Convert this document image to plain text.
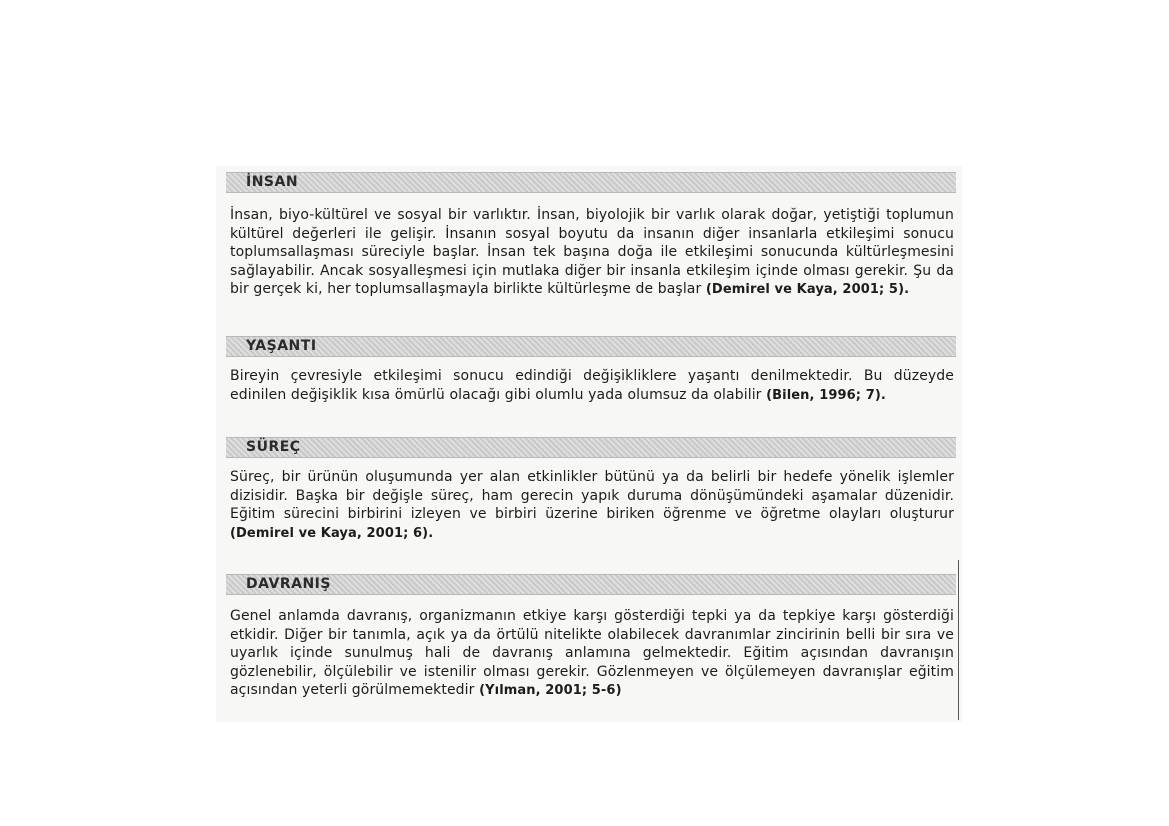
İNSAN

İnsan, biyo-kültürel ve sosyal bir varlıktır. İnsan, biyolojik bir varlık olarak doğar, yetiştiği toplumun kültürel değerleri ile gelişir. İnsanın sosyal boyutu da insanın diğer insanlarla etkileşimi sonucu toplumsallaşması süreciyle başlar. İnsan tek başına doğa ile etkileşimi sonucunda kültürleşmesini sağlayabilir. Ancak sosyalleşmesi için mutlaka diğer bir insanla etkileşim içinde olması gerekir. Şu da bir gerçek ki, her toplumsallaşmayla birlikte kültürleşme de başlar (Demirel ve Kaya, 2001; 5).

YAŞANTI

Bireyin çevresiyle etkileşimi sonucu edindiği değişikliklere yaşantı denilmektedir. Bu düzeyde edinilen değişiklik kısa ömürlü olacağı gibi olumlu yada olumsuz da olabilir (Bilen, 1996; 7).

SÜREÇ

Süreç, bir ürünün oluşumunda yer alan etkinlikler bütünü ya da belirli bir hedefe yönelik işlemler dizisidir. Başka bir değişle süreç, ham gerecin yapık duruma dönüşümündeki aşamalar düzenidir. Eğitim sürecini birbirini izleyen ve birbiri üzerine biriken öğrenme ve öğretme olayları oluşturur (Demirel ve Kaya, 2001; 6).

DAVRANIŞ

Genel anlamda davranış, organizmanın etkiye karşı gösterdiği tepki ya da tepkiye karşı gösterdiği etkidir. Diğer bir tanımla, açık ya da örtülü nitelikte olabilecek davranımlar zincirinin belli bir sıra ve uyarlık içinde sunulmuş hali de davranış anlamına gelmektedir. Eğitim açısından davranışın gözlenebilir, ölçülebilir ve istenilir olması gerekir. Gözlenmeyen ve ölçülemeyen davranışlar eğitim açısından yeterli görülmemektedir (Yılman, 2001; 5-6)
